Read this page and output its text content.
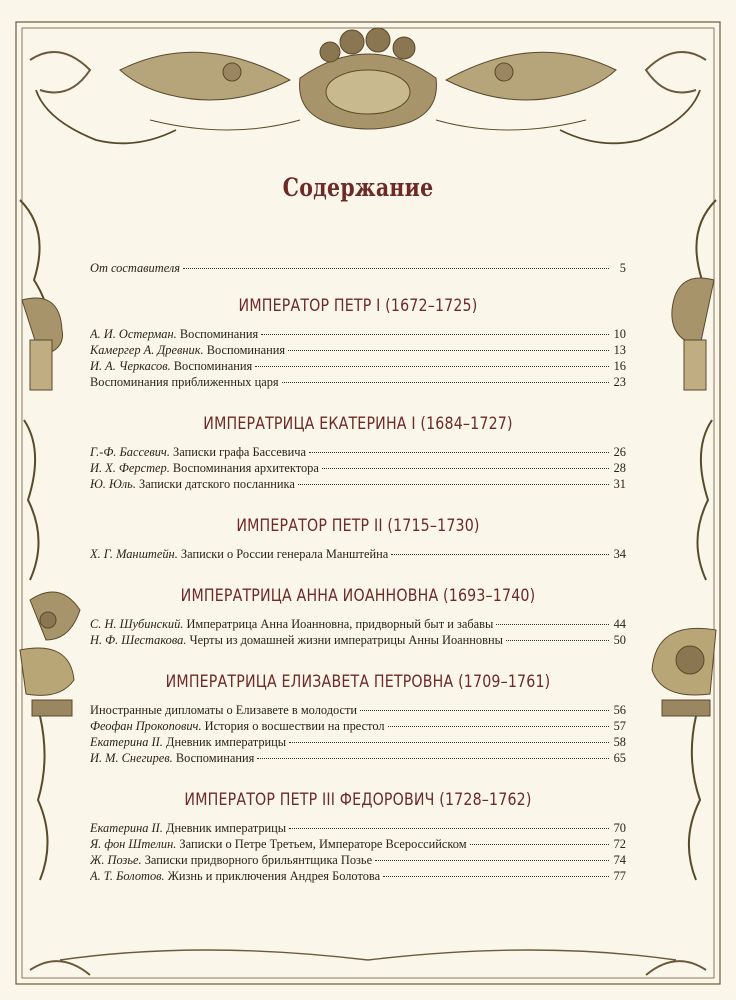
Содержание
От составителя	5
ИМПЕРАТОР ПЕТР I (1672–1725)
А. И. Остерман. Воспоминания	10
Камергер А. Древник. Воспоминания	13
И. А. Черкасов. Воспоминания	16
Воспоминания приближенных царя	23
ИМПЕРАТРИЦА ЕКАТЕРИНА I (1684–1727)
Г.-Ф. Бассевич. Записки графа Бассевича	26
И. Х. Ферстер. Воспоминания архитектора	28
Ю. Юль. Записки датского посланника	31
ИМПЕРАТОР ПЕТР II (1715–1730)
Х. Г. Манштейн. Записки о России генерала Манштейна	34
ИМПЕРАТРИЦА АННА ИОАННОВНА (1693–1740)
С. Н. Шубинский. Императрица Анна Иоанновна, придворный быт и забавы	44
Н. Ф. Шестакова. Черты из домашней жизни императрицы Анны Иоанновны	50
ИМПЕРАТРИЦА ЕЛИЗАВЕТА ПЕТРОВНА (1709–1761)
Иностранные дипломаты о Елизавете в молодости	56
Феофан Прокопович. История о восшествии на престол	57
Екатерина II. Дневник императрицы	58
И. М. Снегирев. Воспоминания	65
ИМПЕРАТОР ПЕТР III ФЕДОРОВИЧ (1728–1762)
Екатерина II. Дневник императрицы	70
Я. фон Штелин. Записки о Петре Третьем, Императоре Всероссийском	72
Ж. Позье. Записки придворного брильянтщика Позье	74
А. Т. Болотов. Жизнь и приключения Андрея Болотова	77
